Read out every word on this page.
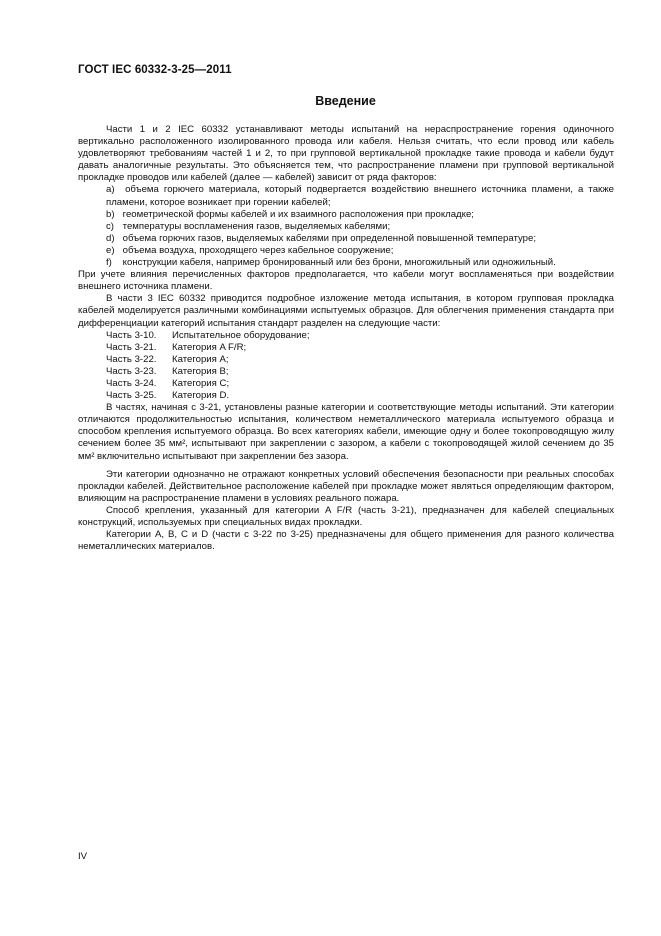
ГОСТ IEC 60332-3-25—2011
Введение

Части 1 и 2 IEC 60332 устанавливают методы испытаний на нераспространение горения одиночного вертикально расположенного изолированного провода или кабеля. Нельзя считать, что если провод или кабель удовлетворяют требованиям частей 1 и 2, то при групповой вертикальной прокладке такие провода и кабели будут давать аналогичные результаты. Это объясняется тем, что распространение пламени при групповой вертикальной прокладке проводов или кабелей (далее — кабелей) зависит от ряда факторов:

a) объема горючего материала, который подвергается воздействию внешнего источника пламени, а также пламени, которое возникает при горении кабелей;

b) геометрической формы кабелей и их взаимного расположения при прокладке;

c) температуры воспламенения газов, выделяемых кабелями;

d) объема горючих газов, выделяемых кабелями при определенной повышенной температуре;

e) объема воздуха, проходящего через кабельное сооружение;

f) конструкции кабеля, например бронированный или без брони, многожильный или одножильный.

При учете влияния перечисленных факторов предполагается, что кабели могут воспламеняться при воздействии внешнего источника пламени.

В части 3 IEC 60332 приводится подробное изложение метода испытания, в котором групповая прокладка кабелей моделируется различными комбинациями испытуемых образцов. Для облегчения применения стандарта при дифференциации категорий испытания стандарт разделен на следующие части:

Часть 3-10. Испытательное оборудование;

Часть 3-21. Категория A F/R;

Часть 3-22. Категория A;

Часть 3-23. Категория B;

Часть 3-24. Категория C;

Часть 3-25. Категория D.

В частях, начиная с 3-21, установлены разные категории и соответствующие методы испытаний. Эти категории отличаются продолжительностью испытания, количеством неметаллического материала испытуемого образца и способом крепления испытуемого образца. Во всех категориях кабели, имеющие одну и более токопроводящую жилу сечением более 35 мм², испытывают при закреплении с зазором, а кабели с токопроводящей жилой сечением до 35 мм² включительно испытывают при закреплении без зазора.

Эти категории однозначно не отражают конкретных условий обеспечения безопасности при реальных способах прокладки кабелей. Действительное расположение кабелей при прокладке может являться определяющим фактором, влияющим на распространение пламени в условиях реального пожара.

Способ крепления, указанный для категории A F/R (часть 3-21), предназначен для кабелей специальных конструкций, используемых при специальных видах прокладки.

Категории A, B, C и D (части с 3-22 по 3-25) предназначены для общего применения для разного количества неметаллических материалов.

IV
